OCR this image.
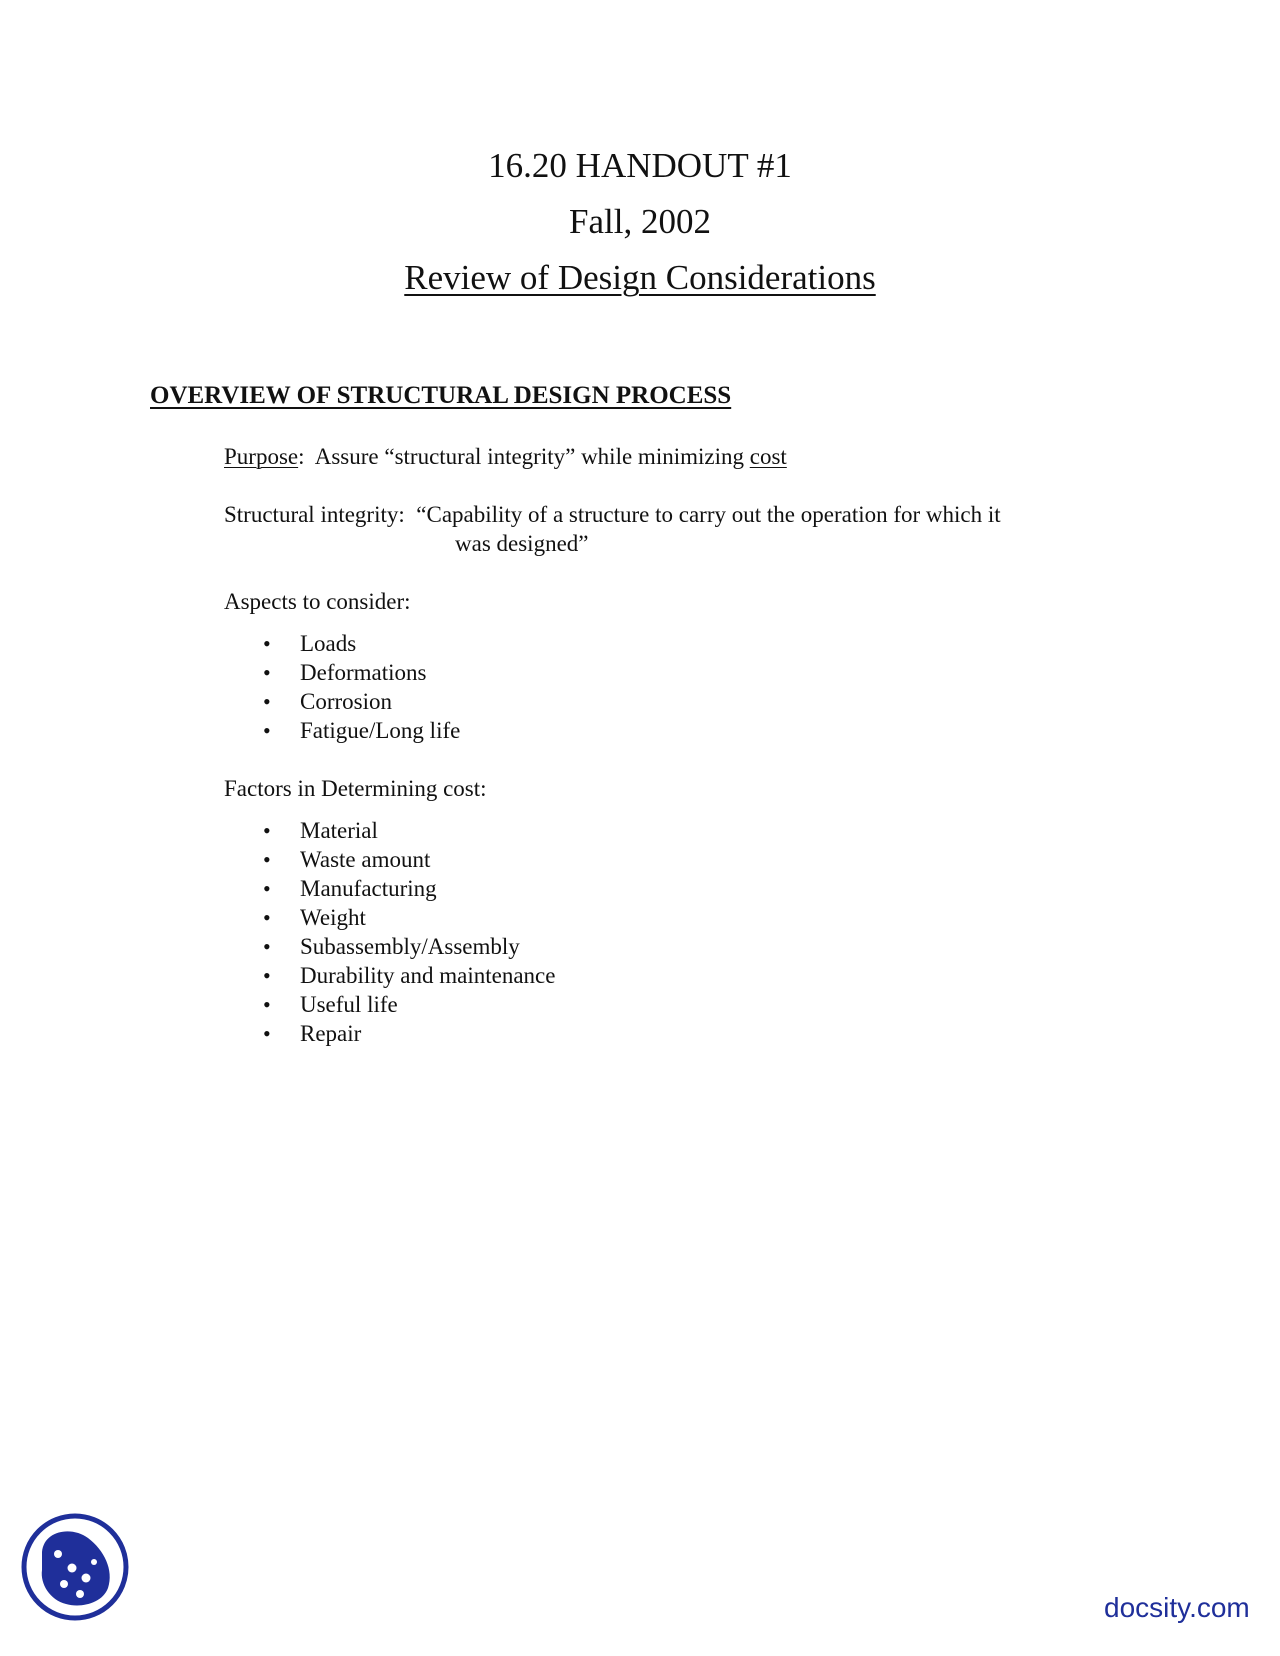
16.20 HANDOUT #1
Fall, 2002
Review of Design Considerations
OVERVIEW OF STRUCTURAL DESIGN PROCESS
Purpose:  Assure “structural integrity” while minimizing cost
Structural integrity:  “Capability of a structure to carry out the operation for which it
was designed”
Aspects to consider:
• Loads
• Deformations
• Corrosion
• Fatigue/Long life
Factors in Determining cost:
• Material
• Waste amount
• Manufacturing
• Weight
• Subassembly/Assembly
• Durability and maintenance
• Useful life
• Repair
docsity.com
